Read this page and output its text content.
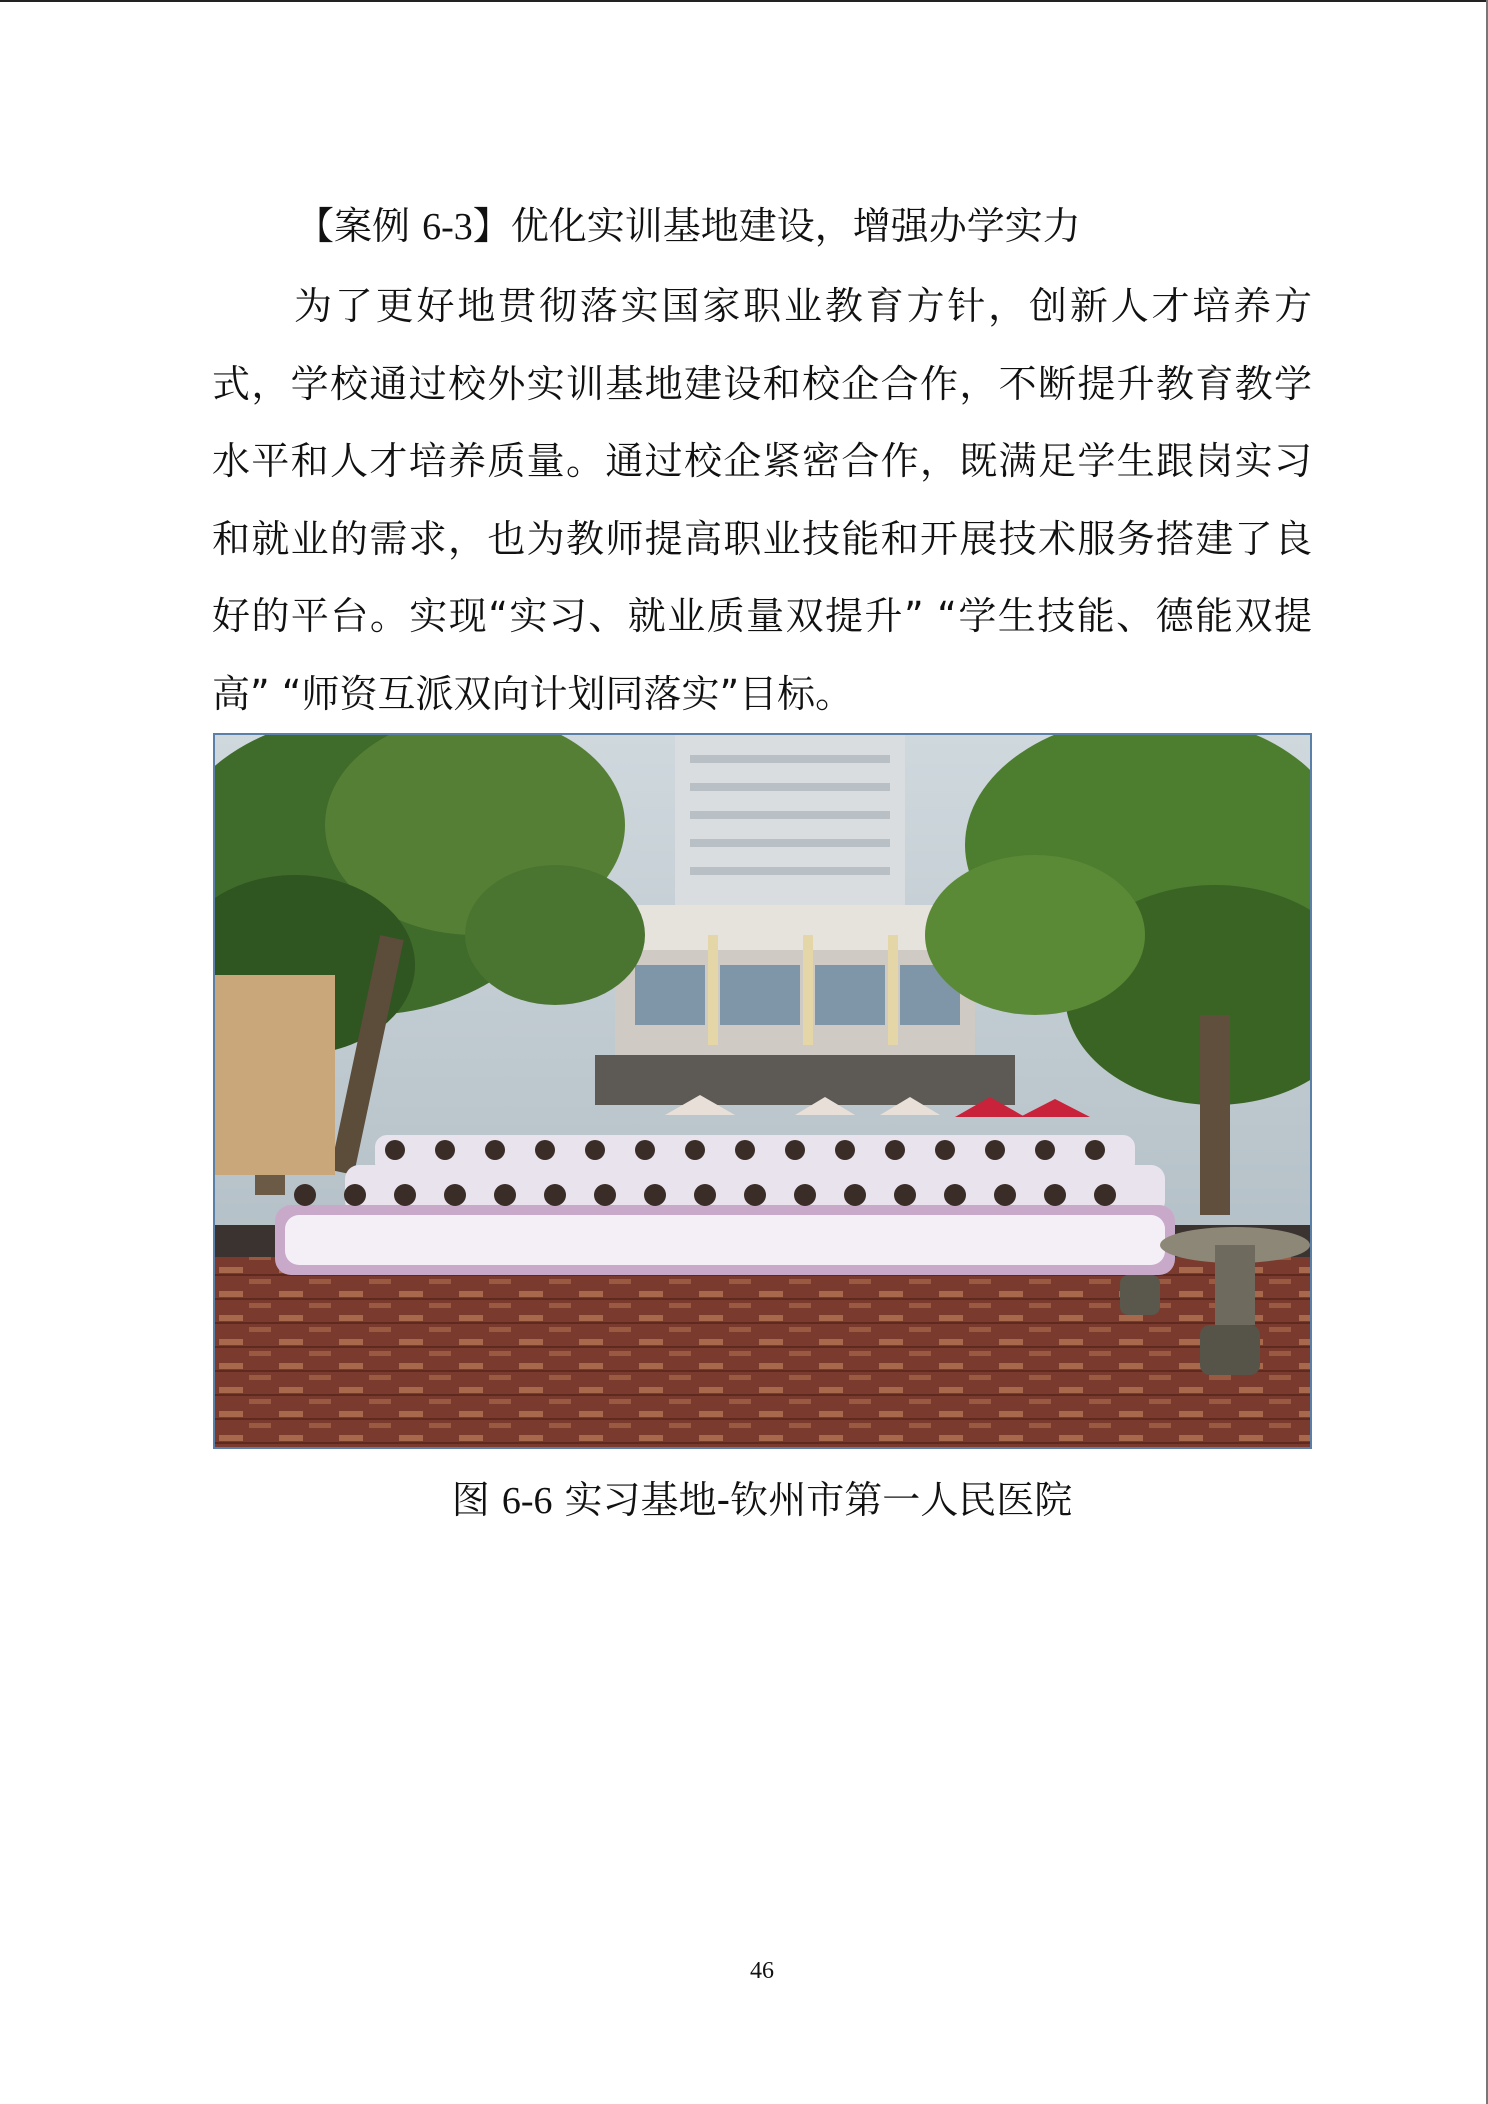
【案例 6-3】优化实训基地建设，增强办学实力

为了更好地贯彻落实国家职业教育方针，创新人才培养方式，学校通过校外实训基地建设和校企合作，不断提升教育教学水平和人才培养质量。通过校企紧密合作，既满足学生跟岗实习和就业的需求，也为教师提高职业技能和开展技术服务搭建了良好的平台。实现“实习、就业质量双提升” “学生技能、德能双提高” “师资互派双向计划同落实”目标。

图 6-6 实习基地-钦州市第一人民医院
46
